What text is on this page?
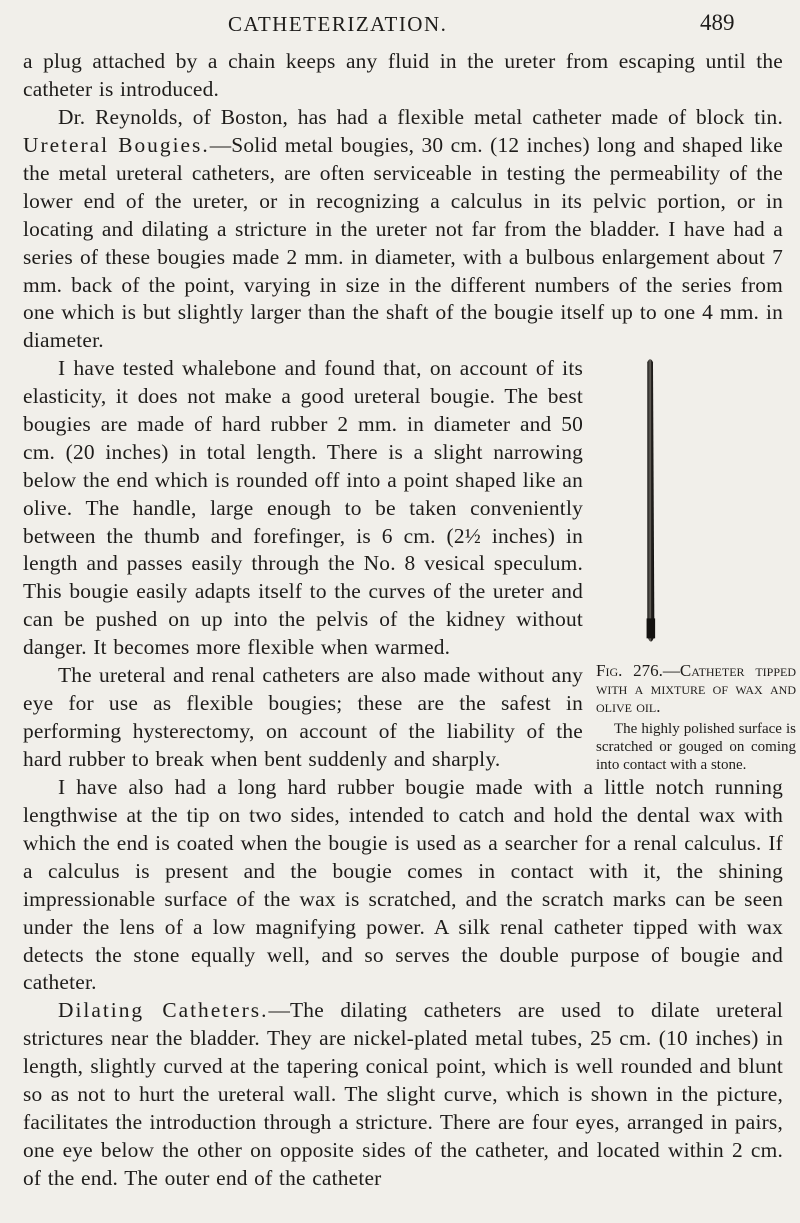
CATHETERIZATION.	489

a plug attached by a chain keeps any fluid in the ureter from escaping until the catheter is introduced.

Dr. Reynolds, of Boston, has had a flexible metal catheter made of block tin. Ureteral Bougies.—Solid metal bougies, 30 cm. (12 inches) long and shaped like the metal ureteral catheters, are often serviceable in testing the permeability of the lower end of the ureter, or in recognizing a calculus in its pelvic portion, or in locating and dilating a stricture in the ureter not far from the bladder. I have had a series of these bougies made 2 mm. in diameter, with a bulbous enlargement about 7 mm. back of the point, varying in size in the different numbers of the series from one which is but slightly larger than the shaft of the bougie itself up to one 4 mm. in diameter.

I have tested whalebone and found that, on account of its elasticity, it does not make a good ureteral bougie. The best bougies are made of hard rubber 2 mm. in diameter and 50 cm. (20 inches) in total length. There is a slight narrowing below the end which is rounded off into a point shaped like an olive. The handle, large enough to be taken conveniently between the thumb and forefinger, is 6 cm. (2½ inches) in length and passes easily through the No. 8 vesical speculum. This bougie easily adapts itself to the curves of the ureter and can be pushed on up into the pelvis of the kidney without danger. It becomes more flexible when warmed.

Fig. 276.—Catheter tipped with a mixture of wax and olive oil.
The highly polished surface is scratched or gouged on coming into contact with a stone.

The ureteral and renal catheters are also made without any eye for use as flexible bougies; these are the safest in performing hysterectomy, on account of the liability of the hard rubber to break when bent suddenly and sharply.

I have also had a long hard rubber bougie made with a little notch running lengthwise at the tip on two sides, intended to catch and hold the dental wax with which the end is coated when the bougie is used as a searcher for a renal calculus. If a calculus is present and the bougie comes in contact with it, the shining impressionable surface of the wax is scratched, and the scratch marks can be seen under the lens of a low magnifying power. A silk renal catheter tipped with wax detects the stone equally well, and so serves the double purpose of bougie and catheter.

Dilating Catheters.—The dilating catheters are used to dilate ureteral strictures near the bladder. They are nickel-plated metal tubes, 25 cm. (10 inches) in length, slightly curved at the tapering conical point, which is well rounded and blunt so as not to hurt the ureteral wall. The slight curve, which is shown in the picture, facilitates the introduction through a stricture. There are four eyes, arranged in pairs, one eye below the other on opposite sides of the catheter, and located within 2 cm. of the end. The outer end of the catheter
